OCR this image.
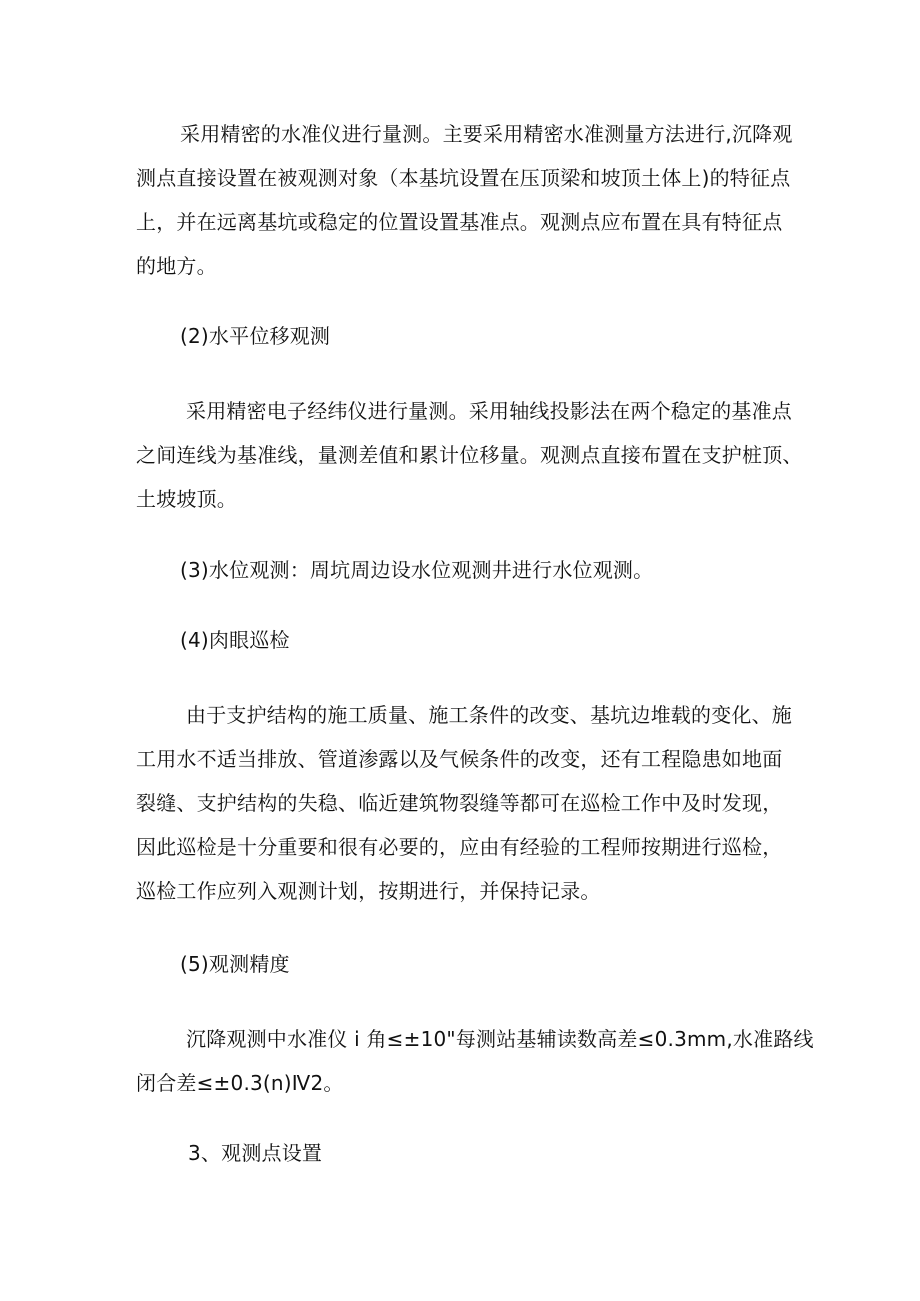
采用精密的水准仪进行量测。主要采用精密水准测量方法进行,沉降观
测点直接设置在被观测对象（本基坑设置在压顶梁和坡顶土体上)的特征点
上，并在远离基坑或稳定的位置设置基准点。观测点应布置在具有特征点
的地方。
(2)水平位移观测
采用精密电子经纬仪进行量测。采用轴线投影法在两个稳定的基准点
之间连线为基准线，量测差值和累计位移量。观测点直接布置在支护桩顶、
土坡坡顶。
(3)水位观测：周坑周边设水位观测井进行水位观测。
(4)肉眼巡检
由于支护结构的施工质量、施工条件的改变、基坑边堆载的变化、施
工用水不适当排放、管道渗露以及气候条件的改变，还有工程隐患如地面
裂缝、支护结构的失稳、临近建筑物裂缝等都可在巡检工作中及时发现，
因此巡检是十分重要和很有必要的，应由有经验的工程师按期进行巡检，
巡检工作应列入观测计划，按期进行，并保持记录。
(5)观测精度
沉降观测中水准仪 i 角≤±10"每测站基辅读数高差≤0.3mm,水准路线
闭合差≤±0.3(n)Ⅳ2。
3、观测点设置
